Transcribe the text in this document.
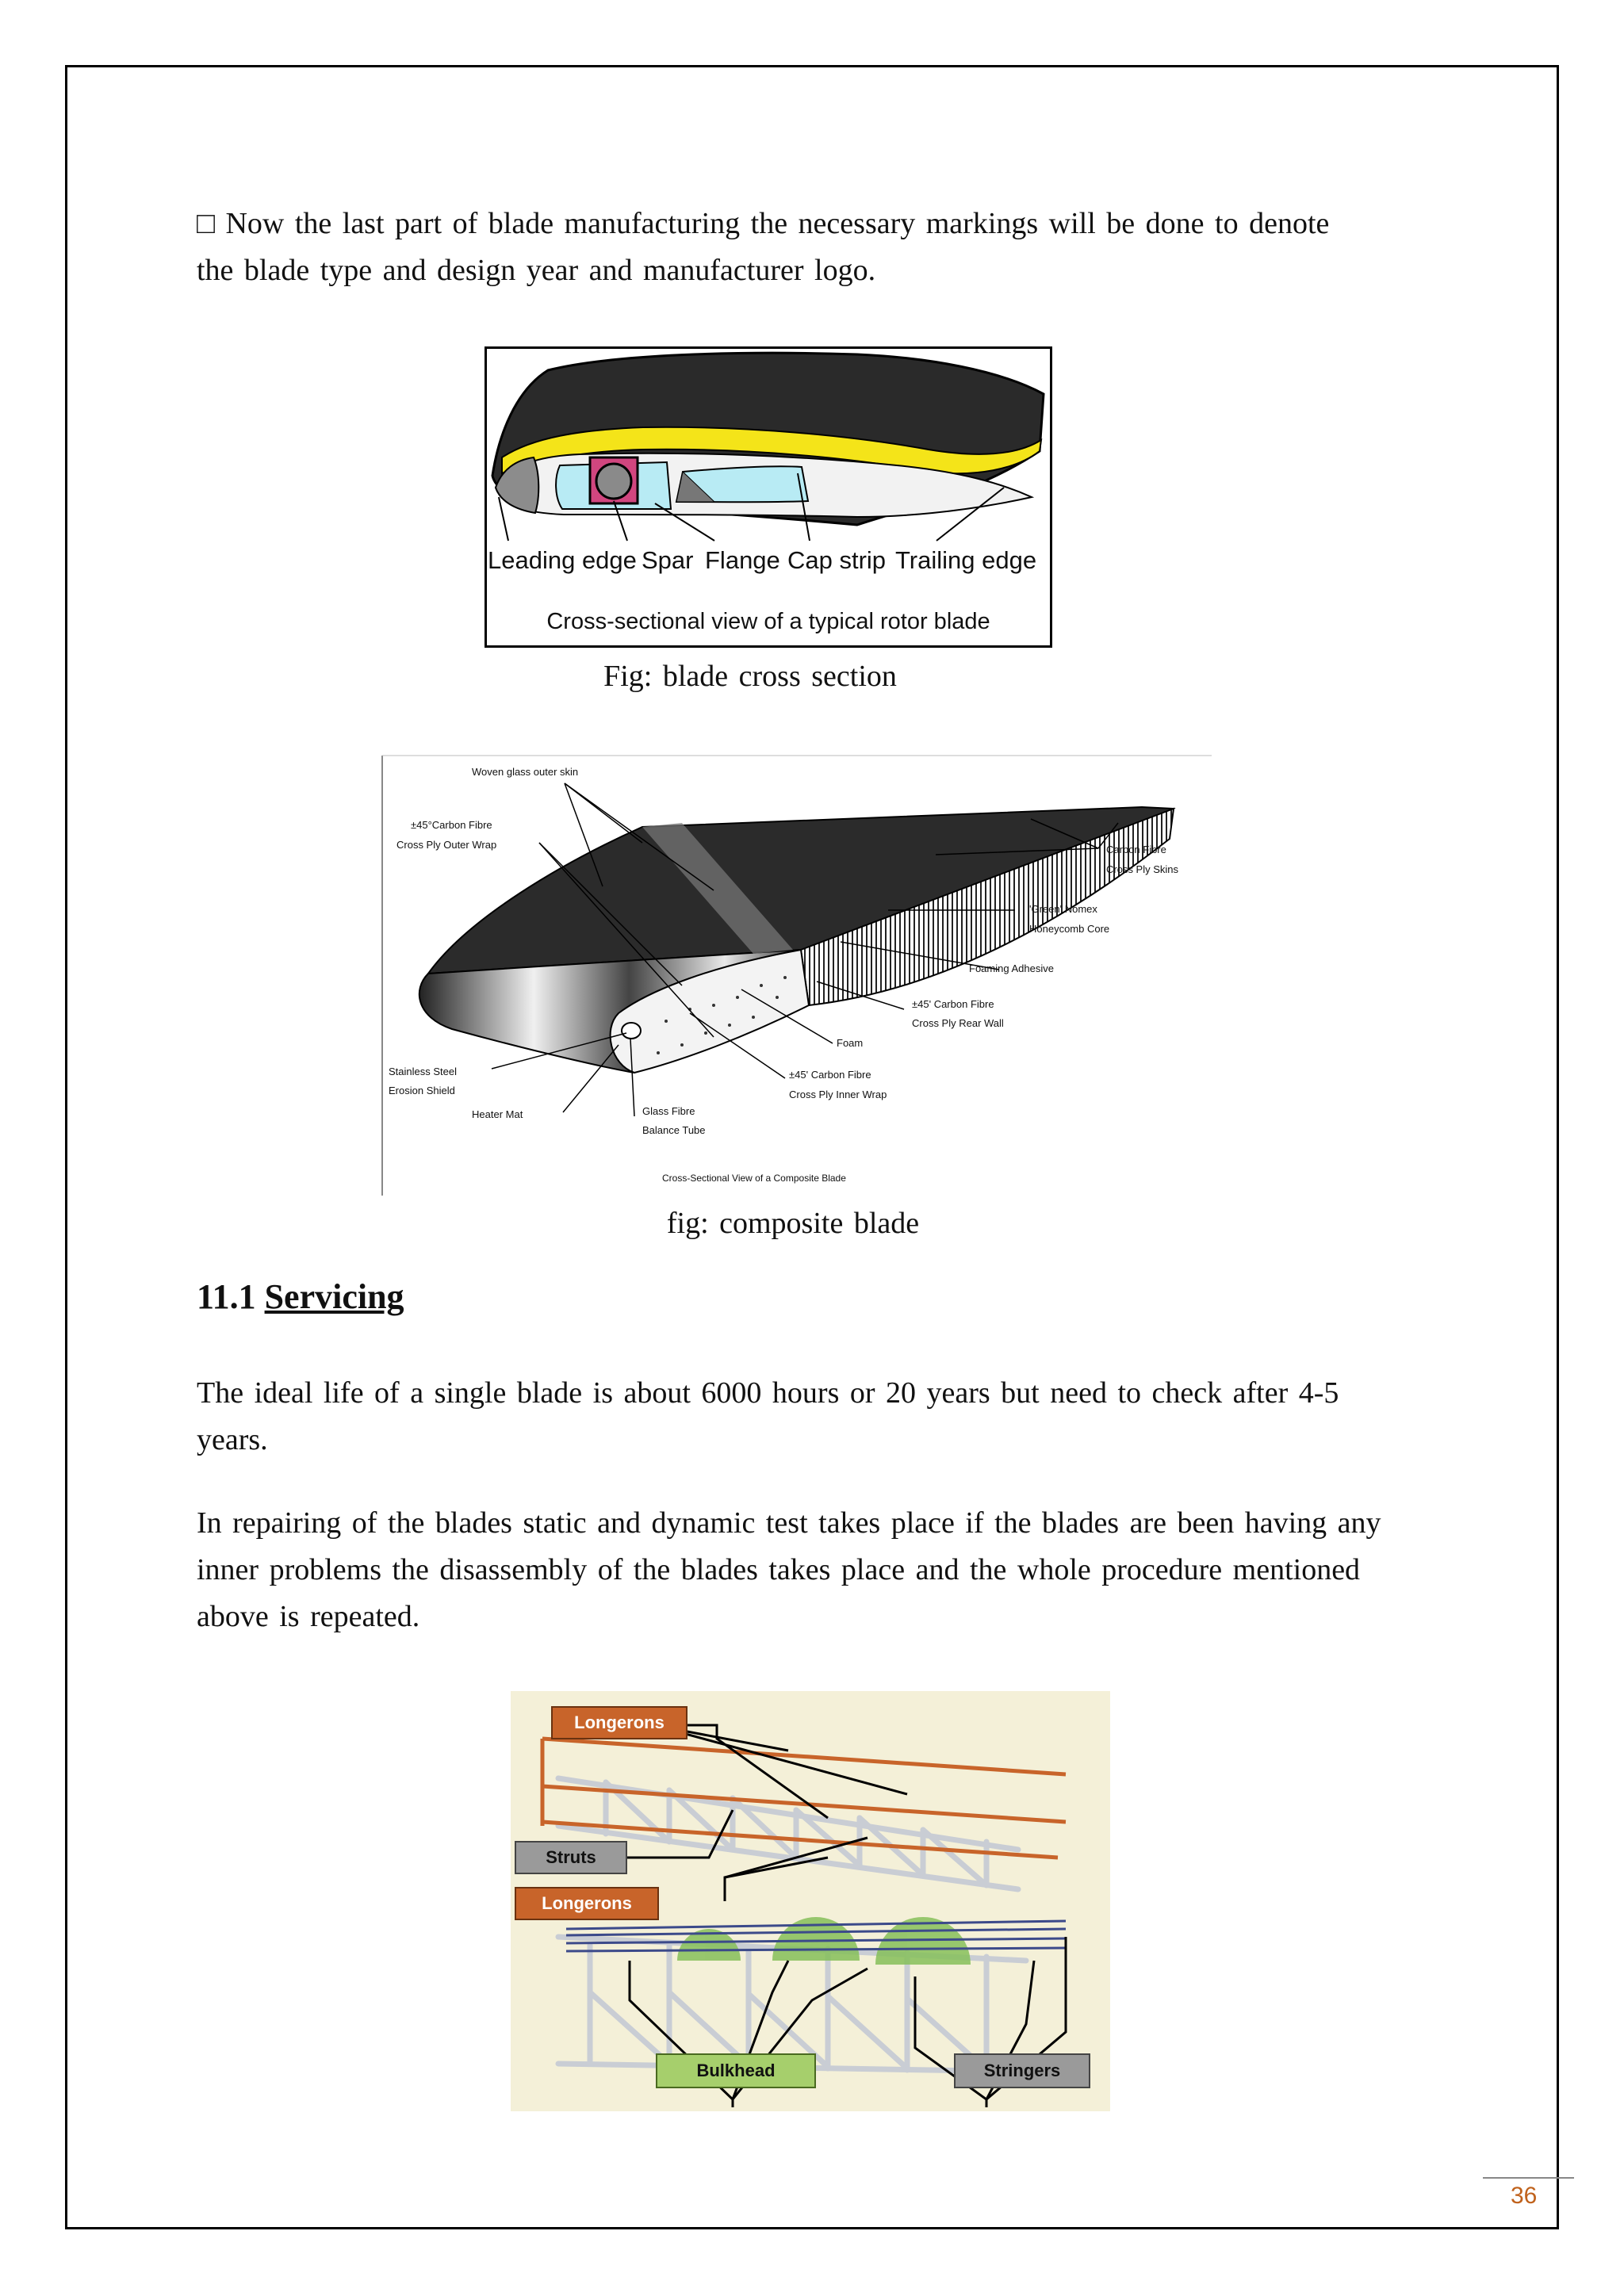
□ Now the last part of blade manufacturing the necessary markings will be done to denote
the blade type and design year and manufacturer logo.

Leading edge Spar Flange Cap strip Trailing edge
Cross-sectional view of a typical rotor blade
Fig: blade cross section
Woven glass outer skin
±45°Carbon Fibre
Cross Ply Outer Wrap	Carbon Fibre
Cross Ply Skins
'Green' Nomex
Honeycomb Core
Foaming Adhesive
±45' Carbon Fibre
Cross Ply Rear Wall
Foam
±45' Carbon Fibre
Cross Ply Inner Wrap
Stainless Steel
Erosion Shield
Heater Mat	Glass Fibre
Balance Tube
Cross-Sectional View of a Composite Blade
fig: composite blade
11.1 Servicing

The ideal life of a single blade is about 6000 hours or 20 years but need to check after 4-5
years.

In repairing of the blades static and dynamic test takes place if the blades are been having any
inner problems the disassembly of the blades takes place and the whole procedure mentioned
above is repeated.

Longerons
Struts
Longerons
Bulkhead	Stringers
36
